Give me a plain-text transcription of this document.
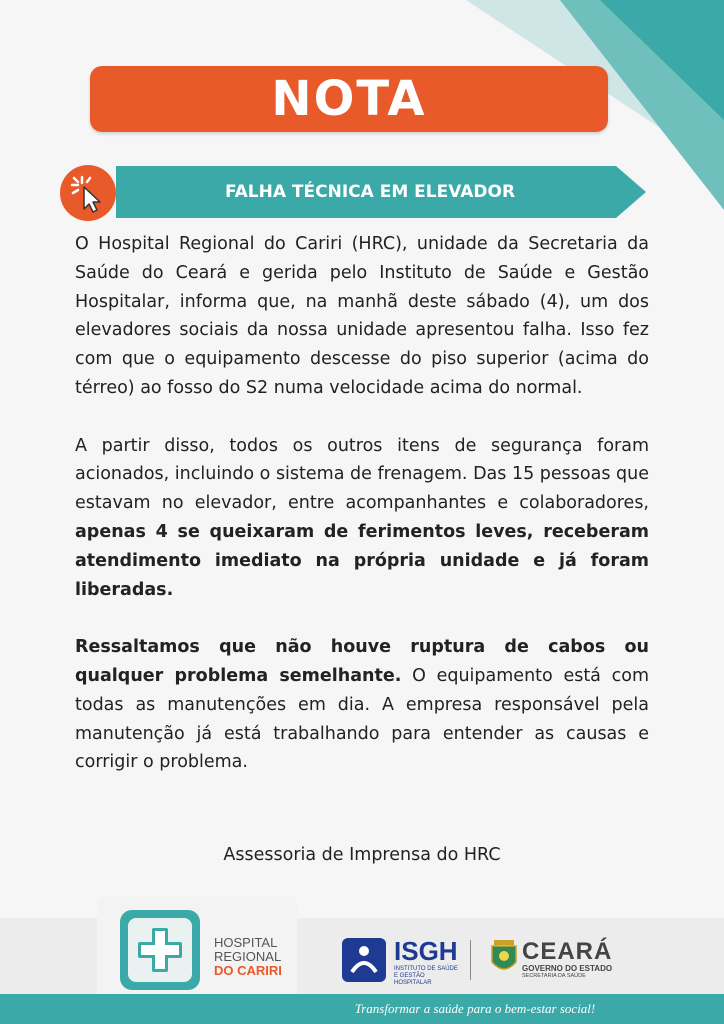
NOTA
FALHA TÉCNICA EM ELEVADOR

O Hospital Regional do Cariri (HRC), unidade da Secretaria da Saúde do Ceará e gerida pelo Instituto de Saúde e Gestão Hospitalar, informa que, na manhã deste sábado (4), um dos elevadores sociais da nossa unidade apresentou falha. Isso fez com que o equipamento descesse do piso superior (acima do térreo) ao fosso do S2 numa velocidade acima do normal.

A partir disso, todos os outros itens de segurança foram acionados, incluindo o sistema de frenagem. Das 15 pessoas que estavam no elevador, entre acompanhantes e colaboradores, apenas 4 se queixaram de ferimentos leves, receberam atendimento imediato na própria unidade e já foram liberadas.

Ressaltamos que não houve ruptura de cabos ou qualquer problema semelhante. O equipamento está com todas as manutenções em dia. A empresa responsável pela manutenção já está trabalhando para entender as causas e corrigir o problema.

Assessoria de Imprensa do HRC
HOSPITAL
REGIONAL
DO CARIRI
ISGH
INSTITUTO DE SAÚDE E GESTÃO HOSPITALAR
CEARÁ
GOVERNO DO ESTADO
SECRETARIA DA SAÚDE
Transformar a saúde para o bem-estar social!
